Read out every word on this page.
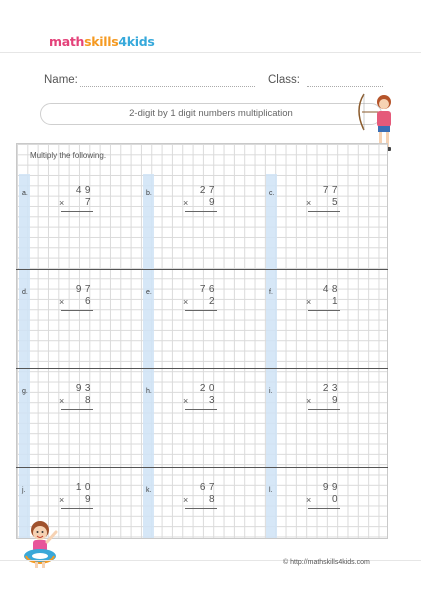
mathskills4kids
Name:	Class:
2-digit by 1 digit numbers multiplication
Multiply the following.
a.	49
×	7
b.	27
×	9
c.	77
×	5
d.	97
×	6
e.	76
×	2
f.	48
×	1
g.	93
×	8
h.	20
×	3
i.	23
×	9
j.	10
×	9
k.	67
×	8
l.	99
×	0
© http://mathskills4kids.com
